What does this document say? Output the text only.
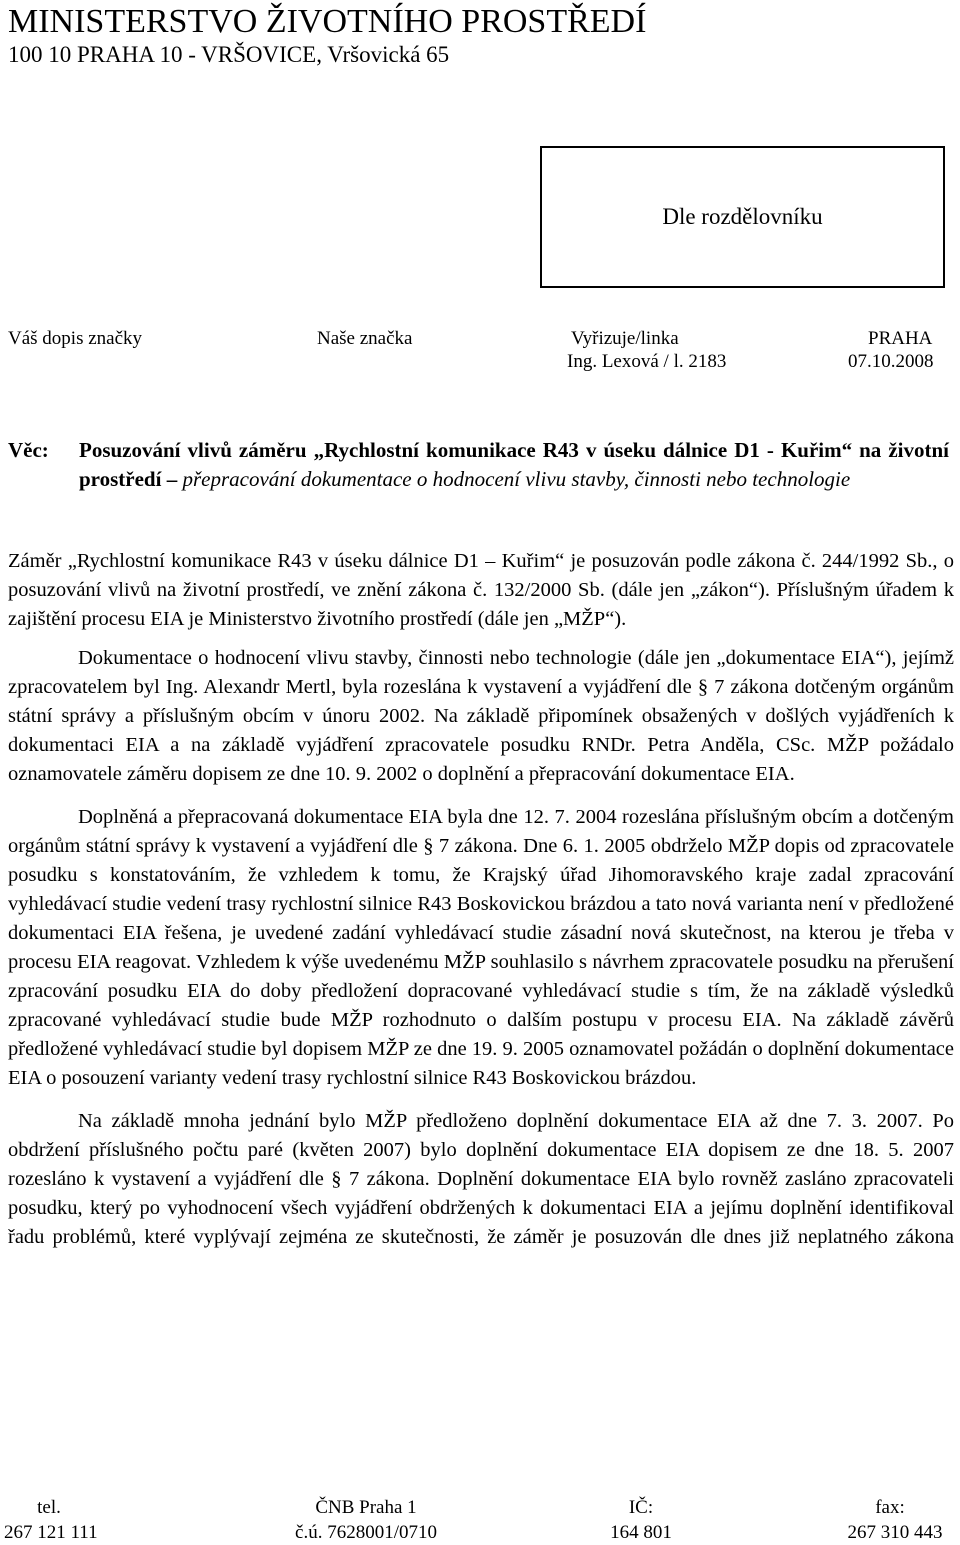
MINISTERSTVO ŽIVOTNÍHO PROSTŘEDÍ
100 10 PRAHA 10 - VRŠOVICE, Vršovická 65
Dle rozdělovníku
Váš dopis značky	Naše značka	Vyřizuje/linka
Ing. Lexová / l. 2183
PRAHA
07.10.2008
Věc: Posuzování vlivů záměru „Rychlostní komunikace R43 v úseku dálnice D1 - Kuřim“ na životní prostředí – přepracování dokumentace o hodnocení vlivu stavby, činnosti nebo technologie

Záměr „Rychlostní komunikace R43 v úseku dálnice D1 – Kuřim“ je posuzován podle zákona č. 244/1992 Sb., o posuzování vlivů na životní prostředí, ve znění zákona č. 132/2000 Sb. (dále jen „zákon“). Příslušným úřadem k zajištění procesu EIA je Ministerstvo životního prostředí (dále jen „MŽP“).

Dokumentace o hodnocení vlivu stavby, činnosti nebo technologie (dále jen „dokumentace EIA“), jejímž zpracovatelem byl Ing. Alexandr Mertl, byla rozeslána k vystavení a vyjádření dle § 7 zákona dotčeným orgánům státní správy a příslušným obcím v únoru 2002. Na základě připomínek obsažených v došlých vyjádřeních k dokumentaci EIA a na základě vyjádření zpracovatele posudku RNDr. Petra Anděla, CSc. MŽP požádalo oznamovatele záměru dopisem ze dne 10. 9. 2002 o doplnění a přepracování dokumentace EIA.

Doplněná a přepracovaná dokumentace EIA byla dne 12. 7. 2004 rozeslána příslušným obcím a dotčeným orgánům státní správy k vystavení a vyjádření dle § 7 zákona. Dne 6. 1. 2005 obdrželo MŽP dopis od zpracovatele posudku s konstatováním, že vzhledem k tomu, že Krajský úřad Jihomoravského kraje zadal zpracování vyhledávací studie vedení trasy rychlostní silnice R43 Boskovickou brázdou a tato nová varianta není v předložené dokumentaci EIA řešena, je uvedené zadání vyhledávací studie zásadní nová skutečnost, na kterou je třeba v procesu EIA reagovat. Vzhledem k výše uvedenému MŽP souhlasilo s návrhem zpracovatele posudku na přerušení zpracování posudku EIA do doby předložení dopracované vyhledávací studie s tím, že na základě výsledků zpracované vyhledávací studie bude MŽP rozhodnuto o dalším postupu v procesu EIA. Na základě závěrů předložené vyhledávací studie byl dopisem MŽP ze dne 19. 9. 2005 oznamovatel požádán o doplnění dokumentace EIA o posouzení varianty vedení trasy rychlostní silnice R43 Boskovickou brázdou.

Na základě mnoha jednání bylo MŽP předloženo doplnění dokumentace EIA až dne 7. 3. 2007. Po obdržení příslušného počtu paré (květen 2007) bylo doplnění dokumentace EIA dopisem ze dne 18. 5. 2007 rozesláno k vystavení a vyjádření dle § 7 zákona. Doplnění dokumentace EIA bylo rovněž zasláno zpracovateli posudku, který po vyhodnocení všech vyjádření obdržených k dokumentaci EIA a jejímu doplnění identifikoval řadu problémů, které vyplývají zejména ze skutečnosti, že záměr je posuzován dle dnes již neplatného zákona

tel.
267 121 111
ČNB Praha 1
č.ú. 7628001/0710
IČ:
164 801
fax:
267 310 443
